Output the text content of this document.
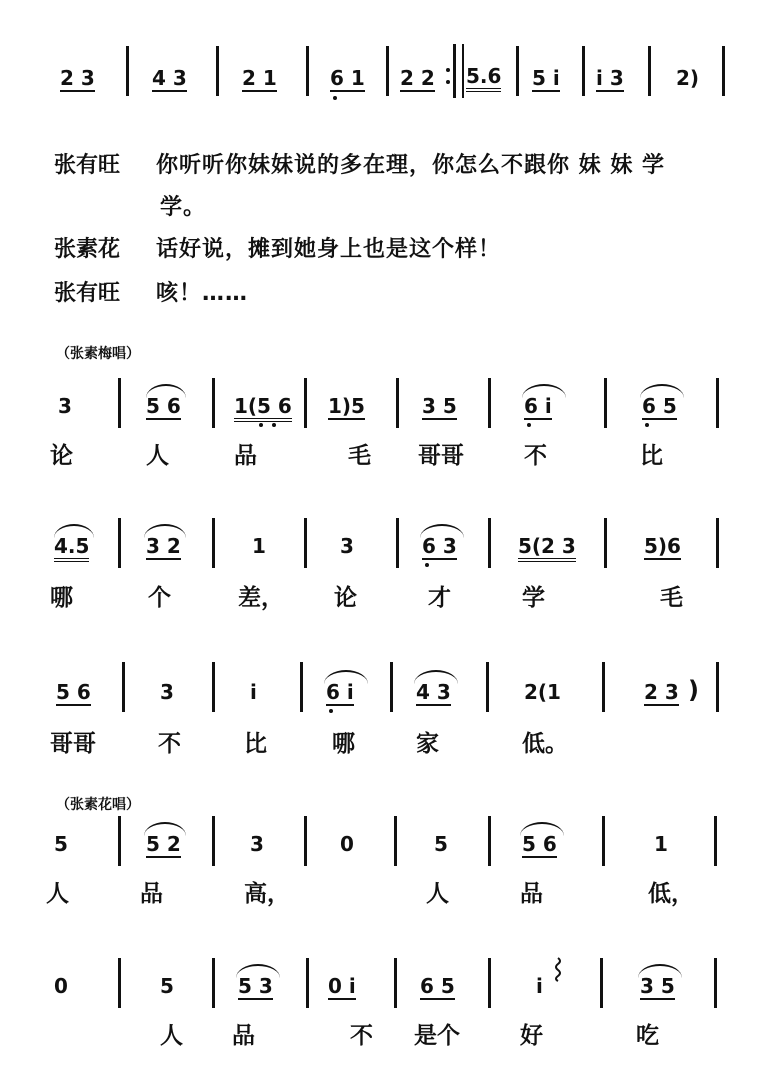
2 3	4 3	2 1	6 1 2 2 5.6 5 i i 3	2)
张有旺 你听听你妹妹说的多在理，你怎么不跟你 妹 妹 学
学。
张素花 话好说，摊到她身上也是这个样！
张有旺 咳！……
（张素梅唱）
3	5 6	1(5 6 1)5	3 5	6 i	6 5
论	人	品	毛 哥哥	不	比
4.5	3 2	1	3	6 3	5(2 3	5)6
哪	个	差， 论	才	学	毛
5 6	3	i	6 i	4 3	2(1	2 3 )
哥哥	不	比	哪	家	低。
（张素花唱）
5	5 2	3	0	5	5 6	1
人	品	高，	人	品	低，
0	5	5 3	0 i	6 5	i	3 5
人 品	不 是个	好	吃
